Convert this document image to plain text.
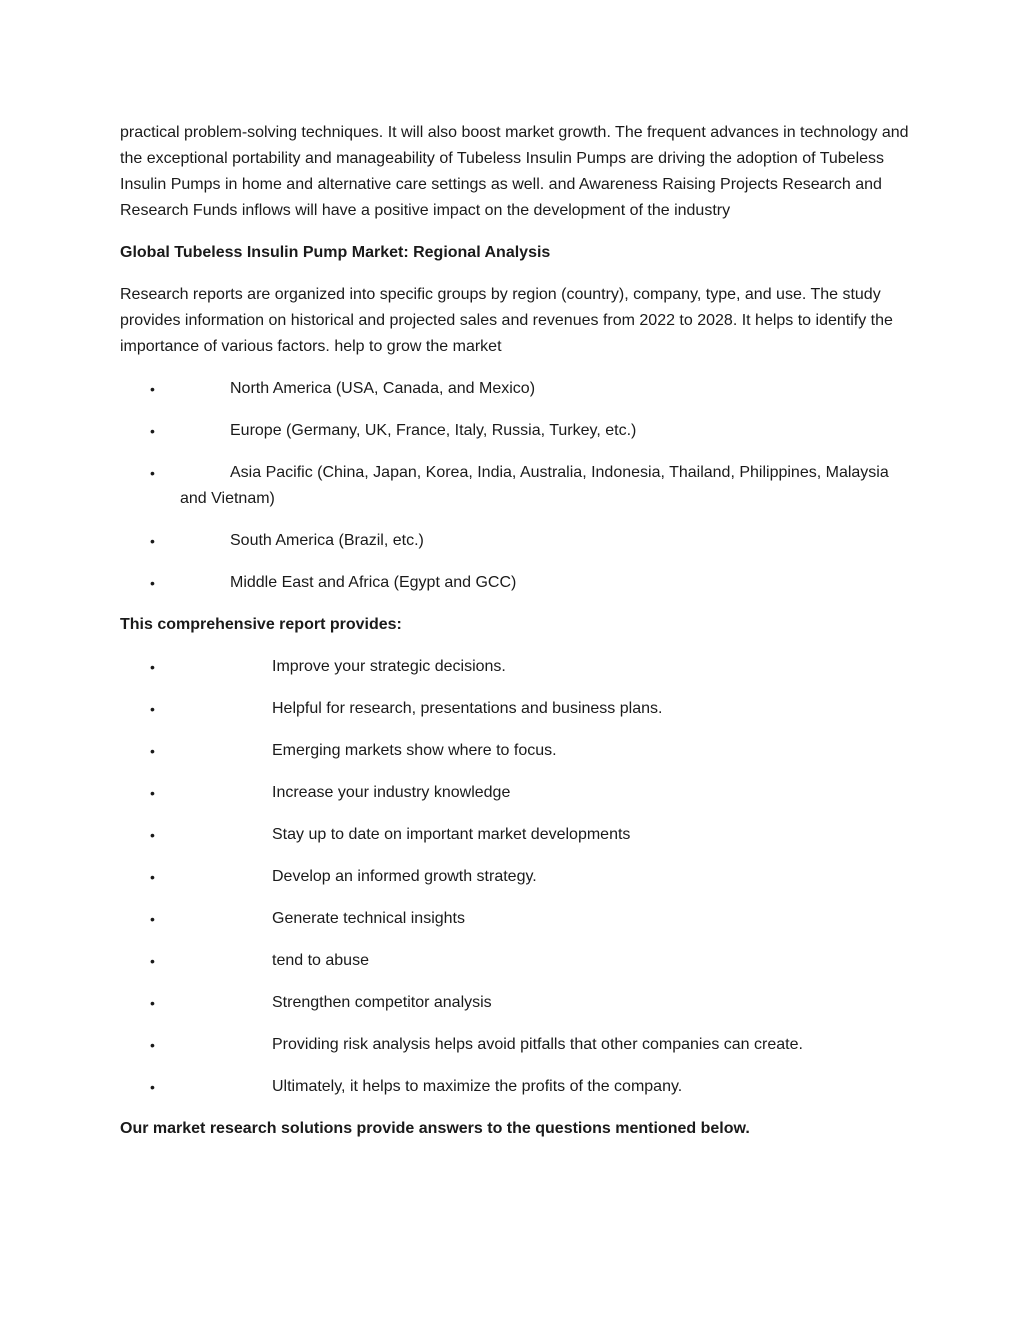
practical problem-solving techniques. It will also boost market growth. The frequent advances in technology and the exceptional portability and manageability of Tubeless Insulin Pumps are driving the adoption of Tubeless Insulin Pumps in home and alternative care settings as well. and Awareness Raising Projects Research and Research Funds inflows will have a positive impact on the development of the industry

Global Tubeless Insulin Pump Market: Regional Analysis

Research reports are organized into specific groups by region (country), company, type, and use. The study provides information on historical and projected sales and revenues from 2022 to 2028. It helps to identify the importance of various factors. help to grow the market

•	North America (USA, Canada, and Mexico)
•	Europe (Germany, UK, France, Italy, Russia, Turkey, etc.)
•	Asia Pacific (China, Japan, Korea, India, Australia, Indonesia, Thailand, Philippines, Malaysia and Vietnam)
•	South America (Brazil, etc.)
•	Middle East and Africa (Egypt and GCC)

This comprehensive report provides:

•	Improve your strategic decisions.
•	Helpful for research, presentations and business plans.
•	Emerging markets show where to focus.
•	Increase your industry knowledge
•	Stay up to date on important market developments
•	Develop an informed growth strategy.
•	Generate technical insights
•	tend to abuse
•	Strengthen competitor analysis
•	Providing risk analysis helps avoid pitfalls that other companies can create.
•	Ultimately, it helps to maximize the profits of the company.

Our market research solutions provide answers to the questions mentioned below.
